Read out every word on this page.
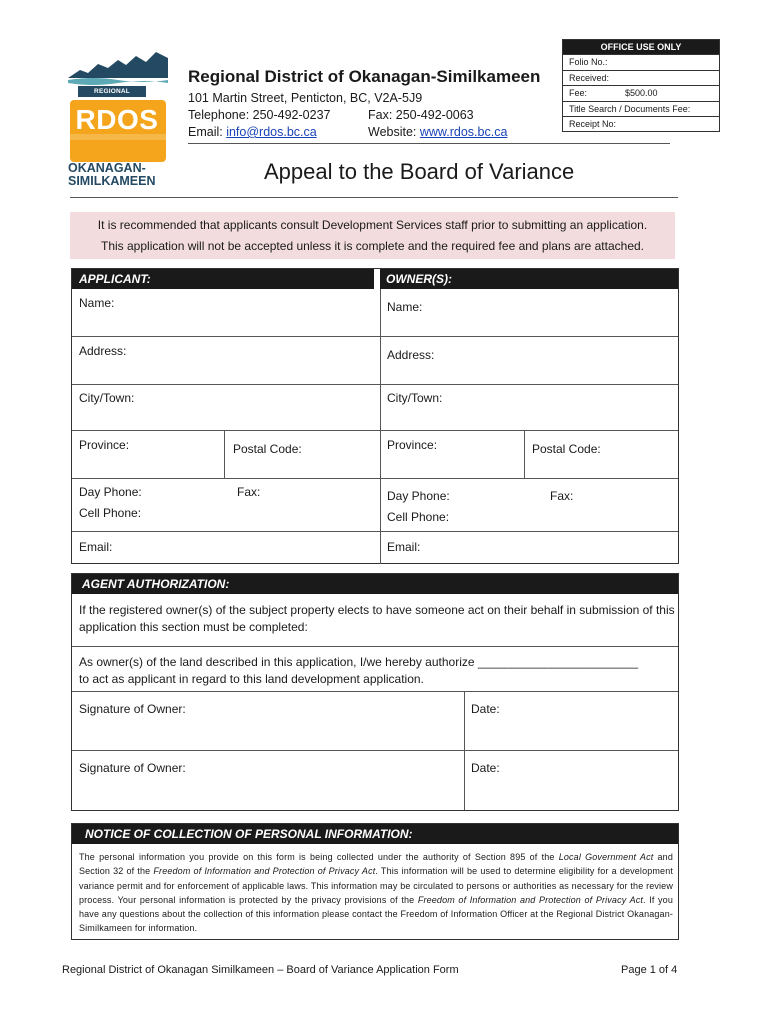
REGIONAL
RDOS
OKANAGAN-
SIMILKAMEEN
Regional District of Okanagan-Similkameen
101 Martin Street, Penticton, BC, V2A-5J9
Telephone: 250-492-0237	Fax: 250-492-0063
Email: info@rdos.bc.ca	Website: www.rdos.bc.ca
OFFICE USE ONLY
Folio No.:
Received:
Fee:	$500.00
Title Search / Documents Fee:
Receipt No:
Appeal to the Board of Variance
It is recommended that applicants consult Development Services staff prior to submitting an application.
This application will not be accepted unless it is complete and the required fee and plans are attached.
APPLICANT:	OWNER(S):
Name:
Address:
City/Town:
Province:	Postal Code:
Day Phone:	Fax:
Cell Phone:
Email:
Name:
Address:
City/Town:
Province:	Postal Code:
Day Phone:	Fax:
Cell Phone:
Email:
AGENT AUTHORIZATION:
If the registered owner(s) of the subject property elects to have someone act on their behalf in submission of this application this section must be completed:
As owner(s) of the land described in this application, I/we hereby authorize ________________________
to act as applicant in regard to this land development application.
Signature of Owner:	Date:
Signature of Owner:	Date:
NOTICE OF COLLECTION OF PERSONAL INFORMATION:
The personal information you provide on this form is being collected under the authority of Section 895 of the Local Government Act and Section 32 of the Freedom of Information and Protection of Privacy Act. This information will be used to determine eligibility for a development variance permit and for enforcement of applicable laws. This information may be circulated to persons or authorities as necessary for the review process. Your personal information is protected by the privacy provisions of the Freedom of Information and Protection of Privacy Act. If you have any questions about the collection of this information please contact the Freedom of Information Officer at the Regional District Okanagan-Similkameen for information.
Regional District of Okanagan Similkameen – Board of Variance Application Form	Page 1 of 4
